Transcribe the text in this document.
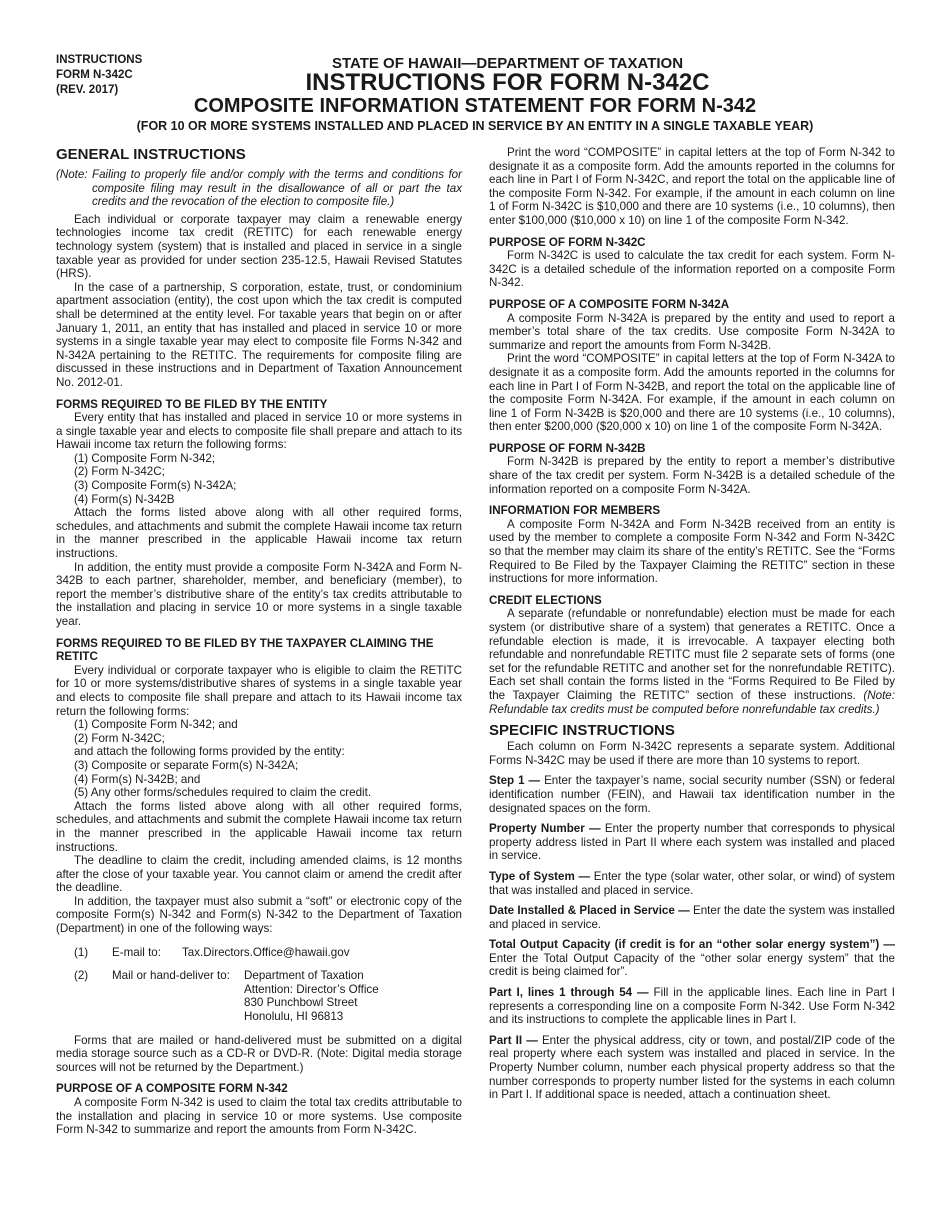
INSTRUCTIONS
FORM N-342C
(REV. 2017)
STATE OF HAWAII—DEPARTMENT OF TAXATION
INSTRUCTIONS FOR FORM N-342C
COMPOSITE INFORMATION STATEMENT FOR FORM N-342
(FOR 10 OR MORE SYSTEMS INSTALLED AND PLACED IN SERVICE BY AN ENTITY IN A SINGLE TAXABLE YEAR)
GENERAL INSTRUCTIONS

(Note: Failing to properly file and/or comply with the terms and conditions for composite filing may result in the disallowance of all or part the tax credits and the revocation of the election to composite file.)

Each individual or corporate taxpayer may claim a renewable energy technologies income tax credit (RETITC) for each renewable energy technology system (system) that is installed and placed in service in a single taxable year as provided for under section 235-12.5, Hawaii Revised Statutes (HRS).

In the case of a partnership, S corporation, estate, trust, or condominium apartment association (entity), the cost upon which the tax credit is computed shall be determined at the entity level. For taxable years that begin on or after January 1, 2011, an entity that has installed and placed in service 10 or more systems in a single taxable year may elect to composite file Forms N-342 and N-342A pertaining to the RETITC. The requirements for composite filing are discussed in these instructions and in Department of Taxation Announcement No. 2012-01.

FORMS REQUIRED TO BE FILED BY THE ENTITY

Every entity that has installed and placed in service 10 or more systems in a single taxable year and elects to composite file shall prepare and attach to its Hawaii income tax return the following forms:

(1) Composite Form N-342;

(2) Form N-342C;

(3) Composite Form(s) N-342A;

(4) Form(s) N-342B

Attach the forms listed above along with all other required forms, schedules, and attachments and submit the complete Hawaii income tax return in the manner prescribed in the applicable Hawaii income tax return instructions.

In addition, the entity must provide a composite Form N-342A and Form N-342B to each partner, shareholder, member, and beneficiary (member), to report the member’s distributive share of the entity’s tax credits attributable to the installation and placing in service 10 or more systems in a single taxable year.

FORMS REQUIRED TO BE FILED BY THE TAXPAYER CLAIMING THE RETITC

Every individual or corporate taxpayer who is eligible to claim the RETITC for 10 or more systems/distributive shares of systems in a single taxable year and elects to composite file shall prepare and attach to its Hawaii income tax return the following forms:

(1) Composite Form N-342; and

(2) Form N-342C;

and attach the following forms provided by the entity:

(3) Composite or separate Form(s) N-342A;

(4) Form(s) N-342B; and

(5) Any other forms/schedules required to claim the credit.

Attach the forms listed above along with all other required forms, schedules, and attachments and submit the complete Hawaii income tax return in the manner prescribed in the applicable Hawaii income tax return instructions.

The deadline to claim the credit, including amended claims, is 12 months after the close of your taxable year. You cannot claim or amend the credit after the deadline.

In addition, the taxpayer must also submit a “soft” or electronic copy of the composite Form(s) N-342 and Form(s) N-342 to the Department of Taxation (Department) in one of the following ways:

(1)	E-mail to:	Tax.Directors.Office@hawaii.gov
(2)	Mail or hand-deliver to:	Department of Taxation
Attention: Director’s Office
830 Punchbowl Street
Honolulu, HI 96813

Forms that are mailed or hand-delivered must be submitted on a digital media storage source such as a CD-R or DVD-R. (Note: Digital media storage sources will not be returned by the Department.)

PURPOSE OF A COMPOSITE FORM N-342

A composite Form N-342 is used to claim the total tax credits attributable to the installation and placing in service 10 or more systems. Use composite Form N-342 to summarize and report the amounts from Form N-342C.

Print the word “COMPOSITE” in capital letters at the top of Form N-342 to designate it as a composite form. Add the amounts reported in the columns for each line in Part I of Form N-342C, and report the total on the applicable line of the composite Form N-342. For example, if the amount in each column on line 1 of Form N-342C is $10,000 and there are 10 systems (i.e., 10 columns), then enter $100,000 ($10,000 x 10) on line 1 of the composite Form N-342.

PURPOSE OF FORM N-342C

Form N-342C is used to calculate the tax credit for each system. Form N-342C is a detailed schedule of the information reported on a composite Form N-342.

PURPOSE OF A COMPOSITE FORM N-342A

A composite Form N-342A is prepared by the entity and used to report a member’s total share of the tax credits. Use composite Form N-342A to summarize and report the amounts from Form N-342B.

Print the word “COMPOSITE” in capital letters at the top of Form N-342A to designate it as a composite form. Add the amounts reported in the columns for each line in Part I of Form N-342B, and report the total on the applicable line of the composite Form N-342A. For example, if the amount in each column on line 1 of Form N-342B is $20,000 and there are 10 systems (i.e., 10 columns), then enter $200,000 ($20,000 x 10) on line 1 of the composite Form N-342A.

PURPOSE OF FORM N-342B

Form N-342B is prepared by the entity to report a member’s distributive share of the tax credit per system. Form N-342B is a detailed schedule of the information reported on a composite Form N-342A.

INFORMATION FOR MEMBERS

A composite Form N-342A and Form N-342B received from an entity is used by the member to complete a composite Form N-342 and Form N-342C so that the member may claim its share of the entity’s RETITC. See the “Forms Required to Be Filed by the Taxpayer Claiming the RETITC” section in these instructions for more information.

CREDIT ELECTIONS

A separate (refundable or nonrefundable) election must be made for each system (or distributive share of a system) that generates a RETITC. Once a refundable election is made, it is irrevocable. A taxpayer electing both refundable and nonrefundable RETITC must file 2 separate sets of forms (one set for the refundable RETITC and another set for the nonrefundable RETITC). Each set shall contain the forms listed in the “Forms Required to Be Filed by the Taxpayer Claiming the RETITC” section of these instructions. (Note: Refundable tax credits must be computed before nonrefundable tax credits.)

SPECIFIC INSTRUCTIONS

Each column on Form N-342C represents a separate system. Additional Forms N-342C may be used if there are more than 10 systems to report.

Step 1 — Enter the taxpayer’s name, social security number (SSN) or federal identification number (FEIN), and Hawaii tax identification number in the designated spaces on the form.

Property Number — Enter the property number that corresponds to physical property address listed in Part II where each system was installed and placed in service.

Type of System — Enter the type (solar water, other solar, or wind) of system that was installed and placed in service.

Date Installed & Placed in Service — Enter the date the system was installed and placed in service.

Total Output Capacity (if credit is for an “other solar energy system”) — Enter the Total Output Capacity of the “other solar energy system” that the credit is being claimed for”.

Part I, lines 1 through 54 — Fill in the applicable lines. Each line in Part I represents a corresponding line on a composite Form N-342. Use Form N-342 and its instructions to complete the applicable lines in Part I.

Part II — Enter the physical address, city or town, and postal/ZIP code of the real property where each system was installed and placed in service. In the Property Number column, number each physical property address so that the number corresponds to property number listed for the systems in each column in Part I. If additional space is needed, attach a continuation sheet.
